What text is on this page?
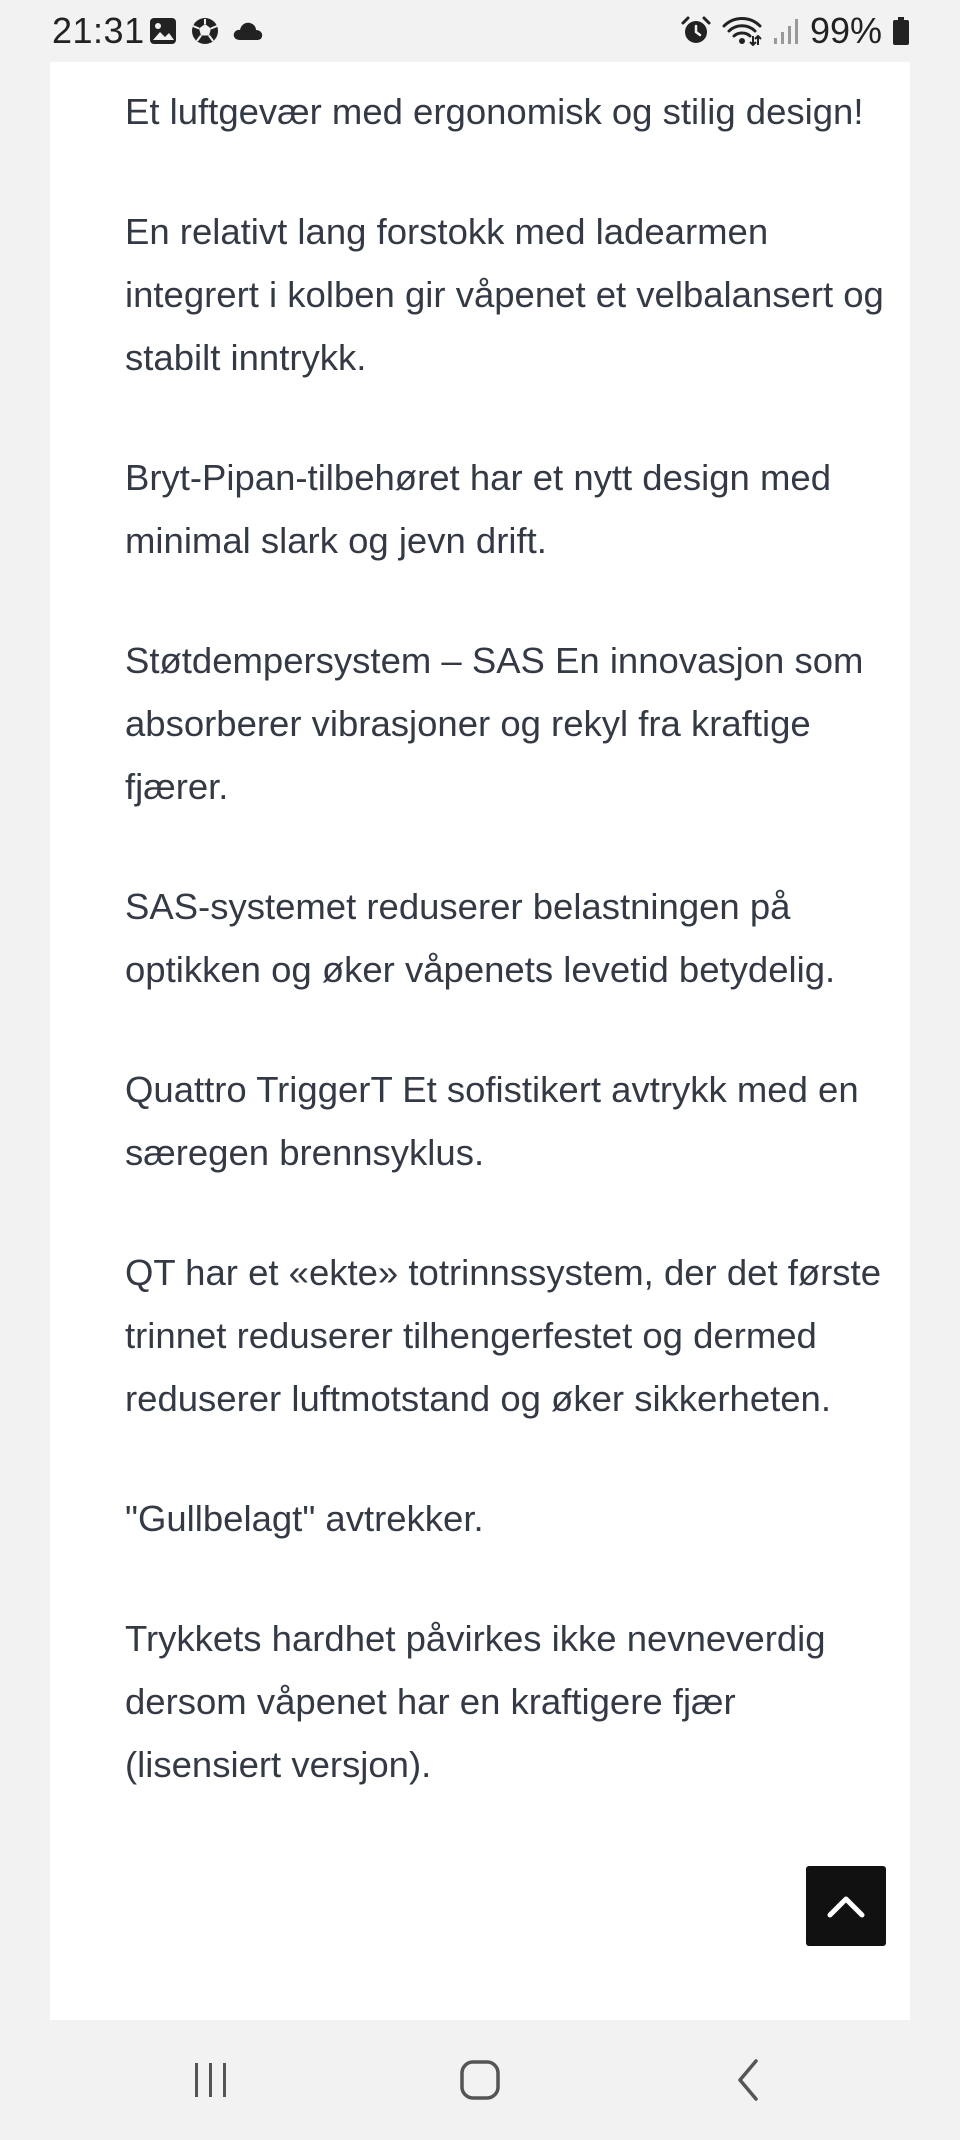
21:31	99%

Et luftgevær med ergonomisk og stilig design!

En relativt lang forstokk med ladearmen integrert i kolben gir våpenet et velbalansert og stabilt inntrykk.

Bryt-Pipan-tilbehøret har et nytt design med minimal slark og jevn drift.

Støtdempersystem – SAS En innovasjon som absorberer vibrasjoner og rekyl fra kraftige fjærer.

SAS-systemet reduserer belastningen på optikken og øker våpenets levetid betydelig.

Quattro TriggerT Et sofistikert avtrykk med en særegen brennsyklus.

QT har et «ekte» totrinnssystem, der det første trinnet reduserer tilhengerfestet og dermed reduserer luftmotstand og øker sikkerheten.

"Gullbelagt" avtrekker.

Trykkets hardhet påvirkes ikke nevneverdig dersom våpenet har en kraftigere fjær (lisensiert versjon).
